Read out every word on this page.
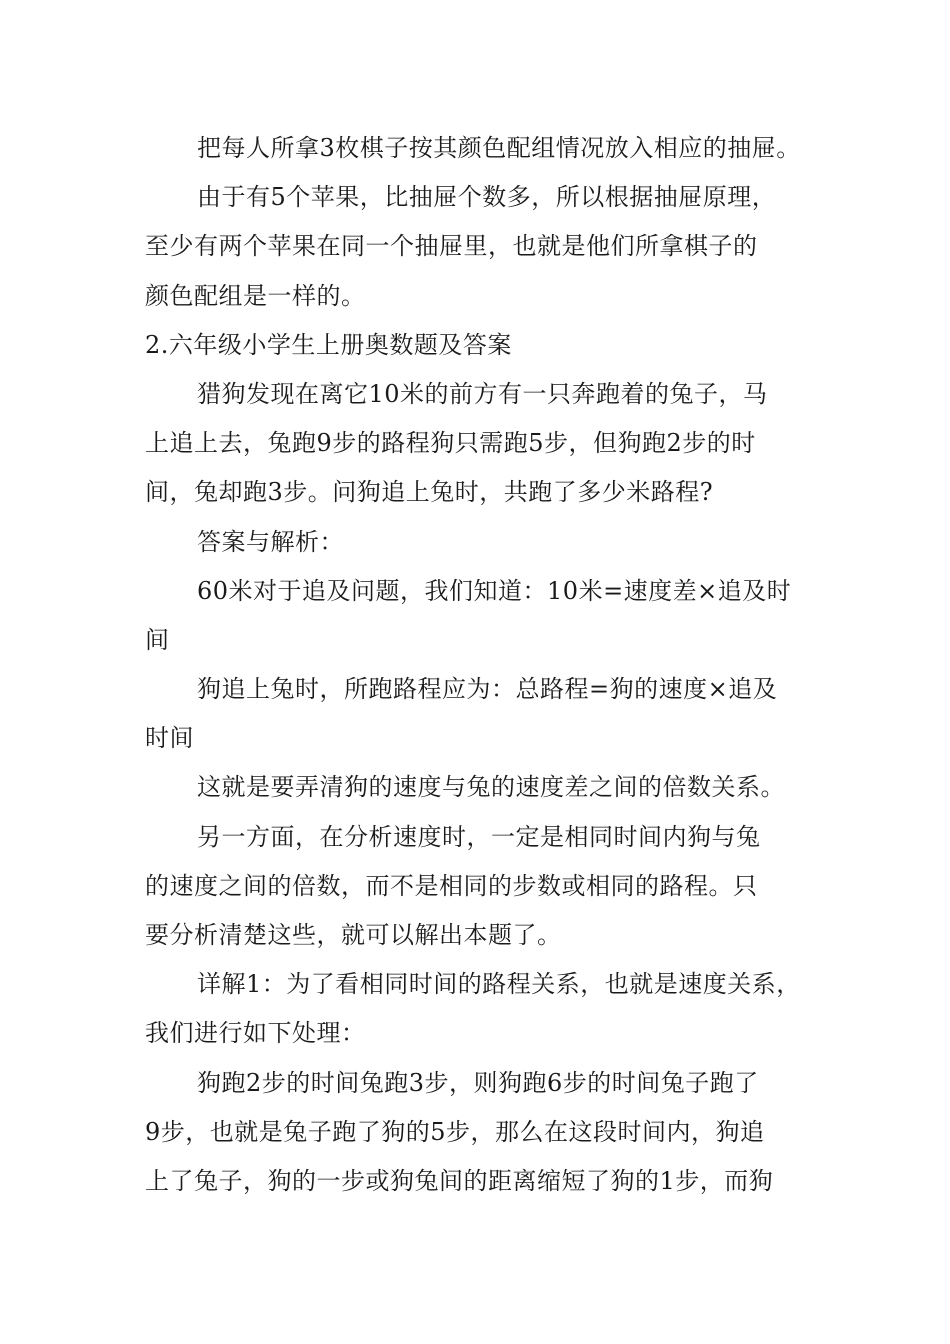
把每人所拿3枚棋子按其颜色配组情况放入相应的抽屉。
由于有5个苹果，比抽屉个数多，所以根据抽屉原理，
至少有两个苹果在同一个抽屉里，也就是他们所拿棋子的
颜色配组是一样的。
2.六年级小学生上册奥数题及答案
猎狗发现在离它10米的前方有一只奔跑着的兔子，马
上追上去，兔跑9步的路程狗只需跑5步，但狗跑2步的时
间，兔却跑3步。问狗追上兔时，共跑了多少米路程?
答案与解析：
60米对于追及问题，我们知道：10米=速度差×追及时
间
狗追上兔时，所跑路程应为：总路程=狗的速度×追及
时间
这就是要弄清狗的速度与兔的速度差之间的倍数关系。
另一方面，在分析速度时，一定是相同时间内狗与兔
的速度之间的倍数，而不是相同的步数或相同的路程。只
要分析清楚这些，就可以解出本题了。
详解1：为了看相同时间的路程关系，也就是速度关系，
我们进行如下处理：
狗跑2步的时间兔跑3步，则狗跑6步的时间兔子跑了
9步，也就是兔子跑了狗的5步，那么在这段时间内，狗追
上了兔子，狗的一步或狗兔间的距离缩短了狗的1步，而狗
